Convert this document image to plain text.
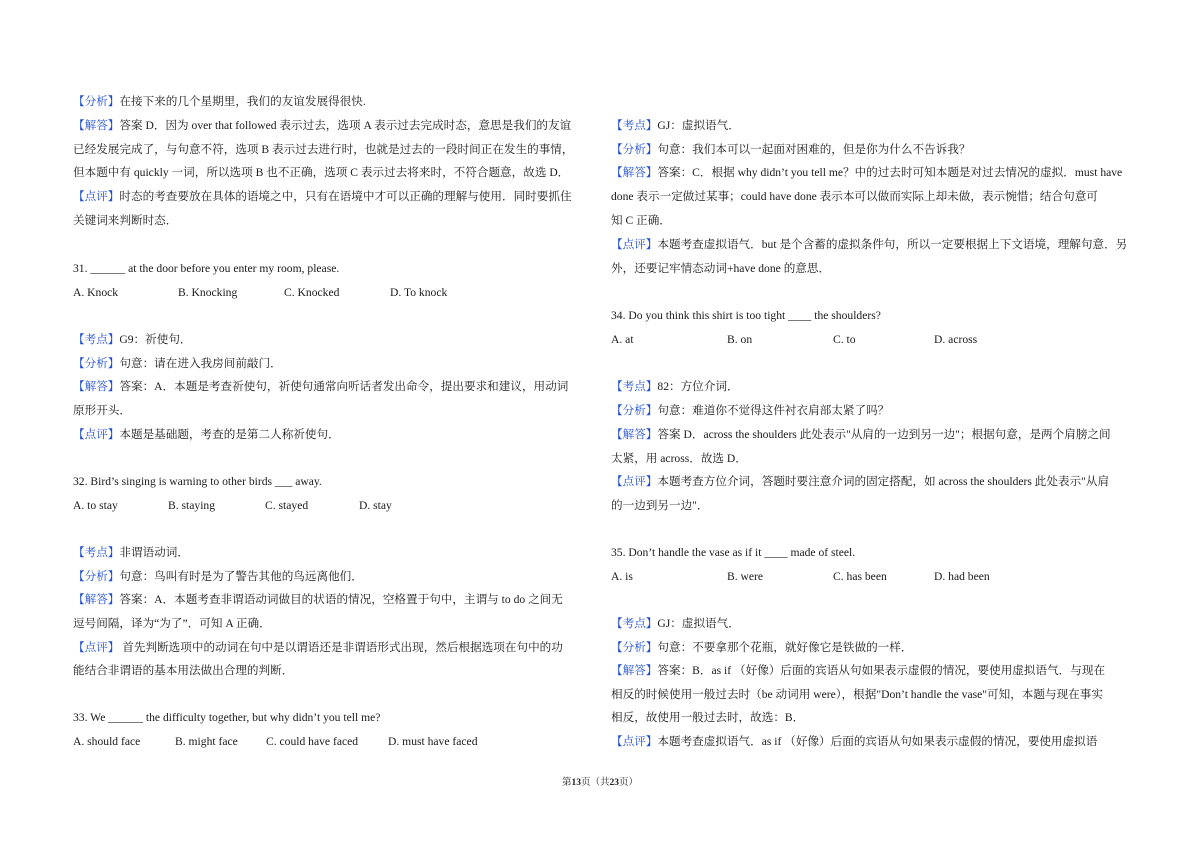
【分析】在接下来的几个星期里，我们的友谊发展得很快.
【解答】答案 D．因为 over that followed 表示过去，选项 A 表示过去完成时态，意思是我们的友谊
已经发展完成了，与句意不符，选项 B 表示过去进行时，也就是过去的一段时间正在发生的事情，
但本题中有 quickly 一词，所以选项 B 也不正确，选项 C 表示过去将来时，不符合题意，故选 D．
【点评】时态的考查要放在具体的语境之中，只有在语境中才可以正确的理解与使用．同时要抓住
关键词来判断时态．
31. ______ at the door before you enter my room, please.
A. Knock	B. Knocking	C. Knocked	D. To knock
【考点】G9：祈使句．
【分析】句意：请在进入我房间前敲门．
【解答】答案：A．本题是考查祈使句，祈使句通常向听话者发出命令，提出要求和建议，用动词
原形开头．
【点评】本题是基础题，考查的是第二人称祈使句．
32. Bird’s singing is warning to other birds ___ away.
A. to stay	B. staying	C. stayed	D. stay
【考点】非谓语动词．
【分析】句意：鸟叫有时是为了警告其他的鸟远离他们．
【解答】答案：A．本题考查非谓语动词做目的状语的情况，空格置于句中，主谓与 to do 之间无
逗号间隔，译为“为了”．可知 A 正确．
【点评】 首先判断选项中的动词在句中是以谓语还是非谓语形式出现，然后根据选项在句中的功
能结合非谓语的基本用法做出合理的判断．
33. We ______ the difficulty together, but why didn’t you tell me?
A. should face	B. might face C. could have faced	D. must have faced
【考点】GJ：虚拟语气．
【分析】句意：我们本可以一起面对困难的，但是你为什么不告诉我？
【解答】答案：C．根据 why didn’t you tell me？中的过去时可知本题是对过去情况的虚拟．must have
done 表示一定做过某事；could have done 表示本可以做而实际上却未做，表示惋惜；结合句意可
知 C 正确．
【点评】本题考查虚拟语气．but 是个含蓄的虚拟条件句，所以一定要根据上下文语境，理解句意．另
外，还要记牢情态动词+have done 的意思．
34. Do you think this shirt is too tight ____ the shoulders?
A. at	B. on	C. to	D. across
【考点】82：方位介词．
【分析】句意：难道你不觉得这件衬衣肩部太紧了吗？
【解答】答案 D．across the shoulders 此处表示"从肩的一边到另一边"；根据句意，是两个肩膀之间
太紧，用 across．故选 D．
【点评】本题考查方位介词，答题时要注意介词的固定搭配，如 across the shoulders 此处表示"从肩
的一边到另一边"．
35. Don’t handle the vase as if it ____ made of steel.
A. is	B. were	C. has been	D. had been
【考点】GJ：虚拟语气．
【分析】句意：不要拿那个花瓶，就好像它是铁做的一样．
【解答】答案：B．as if （好像）后面的宾语从句如果表示虚假的情况，要使用虚拟语气．与现在
相反的时候使用一般过去时（be 动词用 were），根据"Don’t handle the vase"可知，本题与现在事实
相反，故使用一般过去时，故选：B．
【点评】本题考查虚拟语气．as if （好像）后面的宾语从句如果表示虚假的情况，要使用虚拟语
第13页（共23页）
